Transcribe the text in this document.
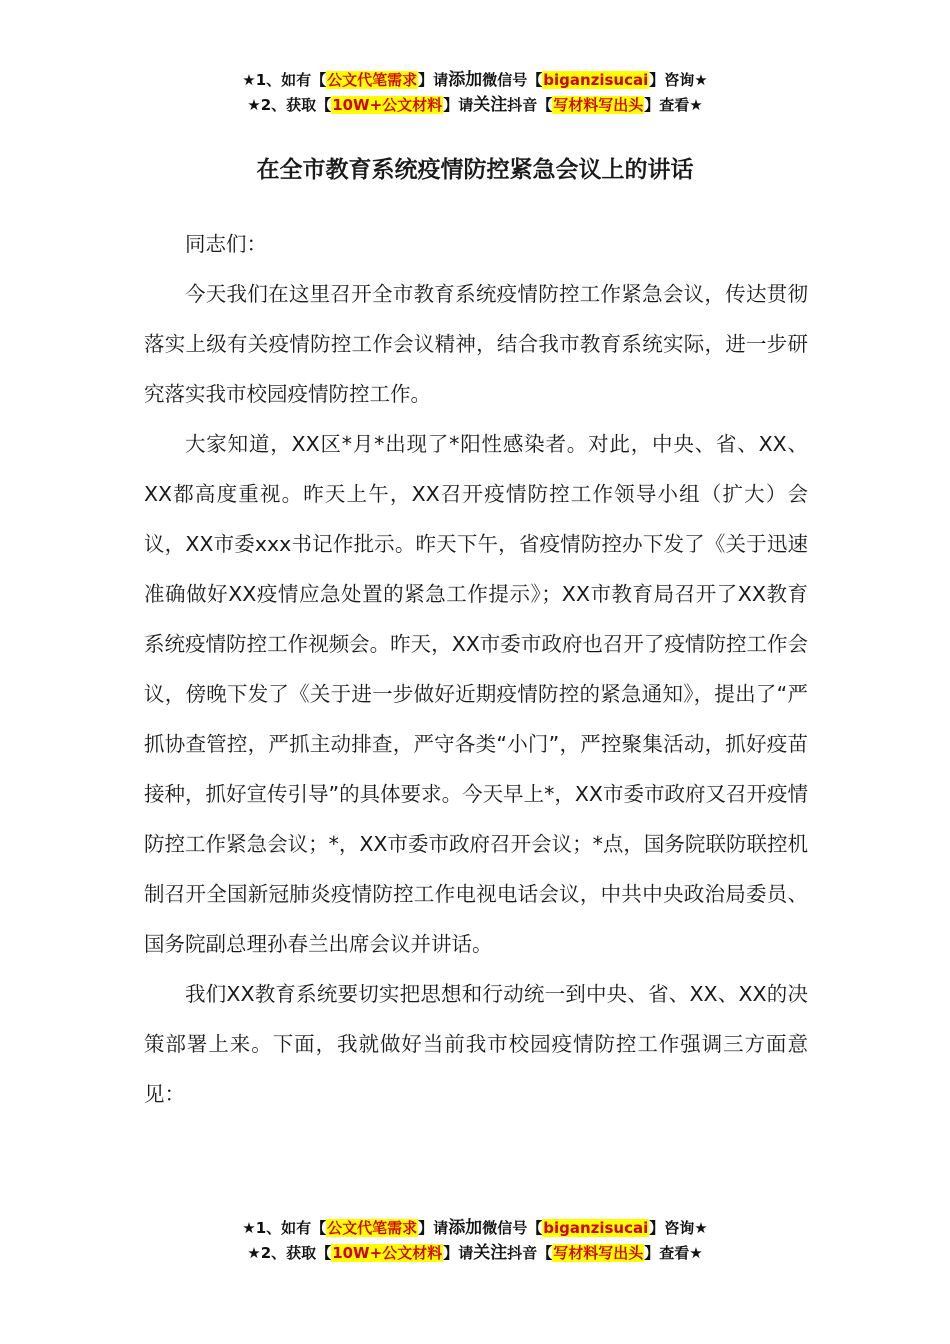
★1、如有【公文代笔需求】请添加微信号【biganzisucai】咨询★
★2、获取【10W+公文材料】请关注抖音【写材料写出头】查看★
在全市教育系统疫情防控紧急会议上的讲话

同志们：

今天我们在这里召开全市教育系统疫情防控工作紧急会议，传达贯彻落实上级有关疫情防控工作会议精神，结合我市教育系统实际，进一步研究落实我市校园疫情防控工作。

大家知道，XX区*月*出现了*阳性感染者。对此，中央、省、XX、XX都高度重视。昨天上午，XX召开疫情防控工作领导小组（扩大）会议，XX市委xxx书记作批示。昨天下午，省疫情防控办下发了《关于迅速准确做好XX疫情应急处置的紧急工作提示》；XX市教育局召开了XX教育系统疫情防控工作视频会。昨天，XX市委市政府也召开了疫情防控工作会议，傍晚下发了《关于进一步做好近期疫情防控的紧急通知》，提出了“严抓协查管控，严抓主动排查，严守各类“小门”，严控聚集活动，抓好疫苗接种，抓好宣传引导”的具体要求。今天早上*，XX市委市政府又召开疫情防控工作紧急会议；*，XX市委市政府召开会议；*点，国务院联防联控机制召开全国新冠肺炎疫情防控工作电视电话会议，中共中央政治局委员、国务院副总理孙春兰出席会议并讲话。

我们XX教育系统要切实把思想和行动统一到中央、省、XX、XX的决策部署上来。下面，我就做好当前我市校园疫情防控工作强调三方面意见：

★1、如有【公文代笔需求】请添加微信号【biganzisucai】咨询★
★2、获取【10W+公文材料】请关注抖音【写材料写出头】查看★
